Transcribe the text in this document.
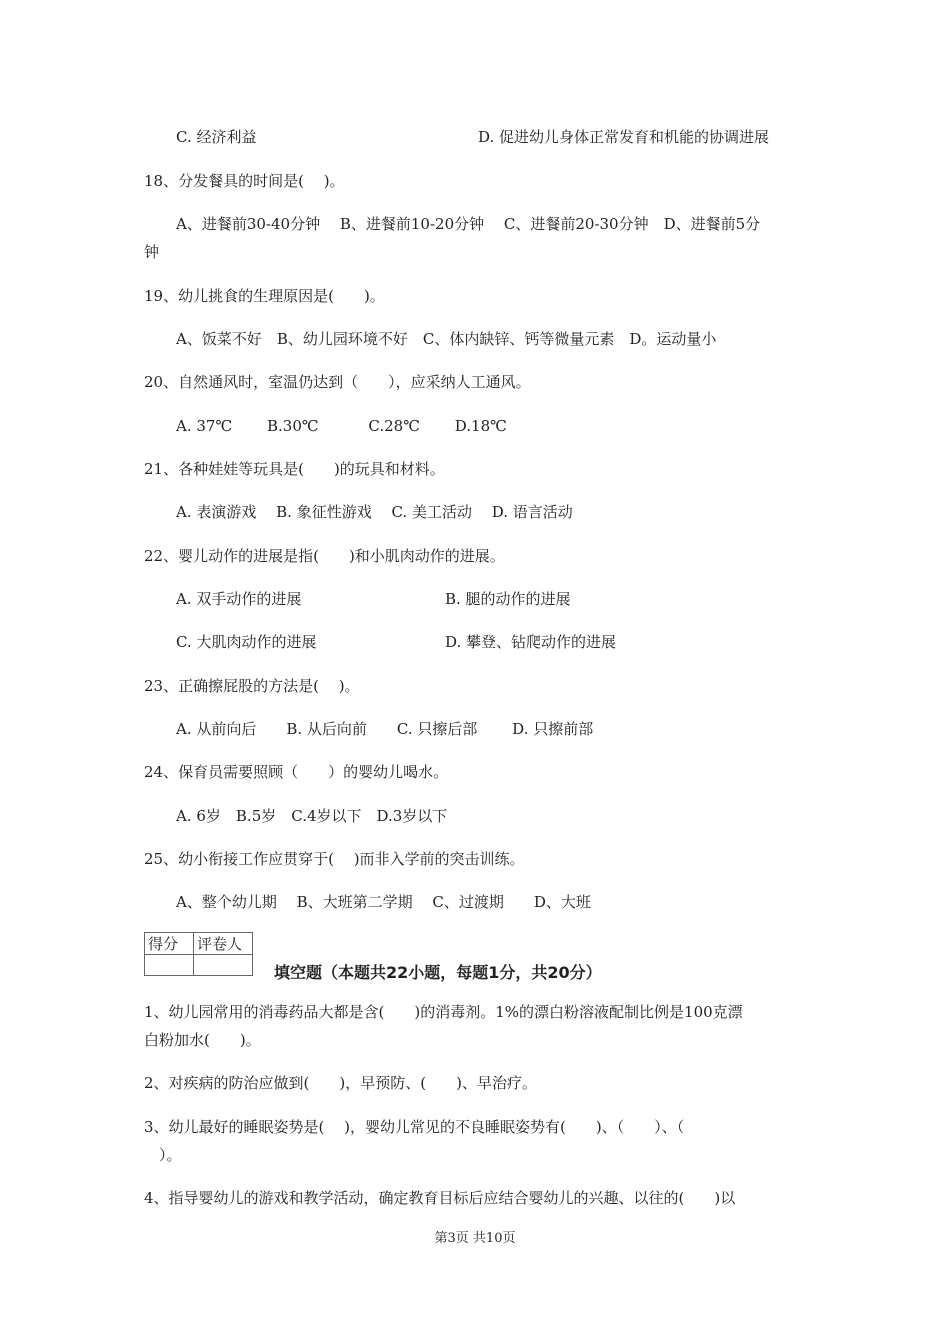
C. 经济利益	D. 促进幼儿身体正常发育和机能的协调进展
18、分发餐具的时间是(　 )。
A、进餐前30-40分钟　 B、进餐前10-20分钟　 C、进餐前20-30分钟　D、进餐前5分
钟
19、幼儿挑食的生理原因是(　　)。
A、饭菜不好　B、幼儿园环境不好　C、体内缺锌、钙等微量元素　D。运动量小
20、自然通风时，室温仍达到（　　），应采纳人工通风。
A. 37℃　　 B.30℃　　　 C.28℃　　 D.18℃
21、各种娃娃等玩具是(　　)的玩具和材料。
A. 表演游戏　 B. 象征性游戏　 C. 美工活动　 D. 语言活动
22、婴儿动作的进展是指(　　)和小肌肉动作的进展。
A. 双手动作的进展	B. 腿的动作的进展
C. 大肌肉动作的进展	D. 攀登、钻爬动作的进展
23、正确擦屁股的方法是(　 )。
A. 从前向后　　B. 从后向前　　C. 只擦后部　　 D. 只擦前部
24、保育员需要照顾（　　）的婴幼儿喝水。
A. 6岁　B.5岁　C.4岁以下　D.3岁以下
25、幼小衔接工作应贯穿于(　 )而非入学前的突击训练。
A、整个幼儿期　 B、大班第二学期　 C、过渡期　　D、大班
得分	评卷人

填空题（本题共22小题，每题1分，共20分）
1、幼儿园常用的消毒药品大都是含(　　)的消毒剂。1%的漂白粉溶液配制比例是100克漂
白粉加水(　　)。
2、对疾病的防治应做到(　　)，早预防、(　　)、早治疗。
3、幼儿最好的睡眠姿势是(　 )，婴幼儿常见的不良睡眠姿势有(　　)、（　　）、（
　）。
4、指导婴幼儿的游戏和教学活动，确定教育目标后应结合婴幼儿的兴趣、以往的(　　)以
第3页 共10页
